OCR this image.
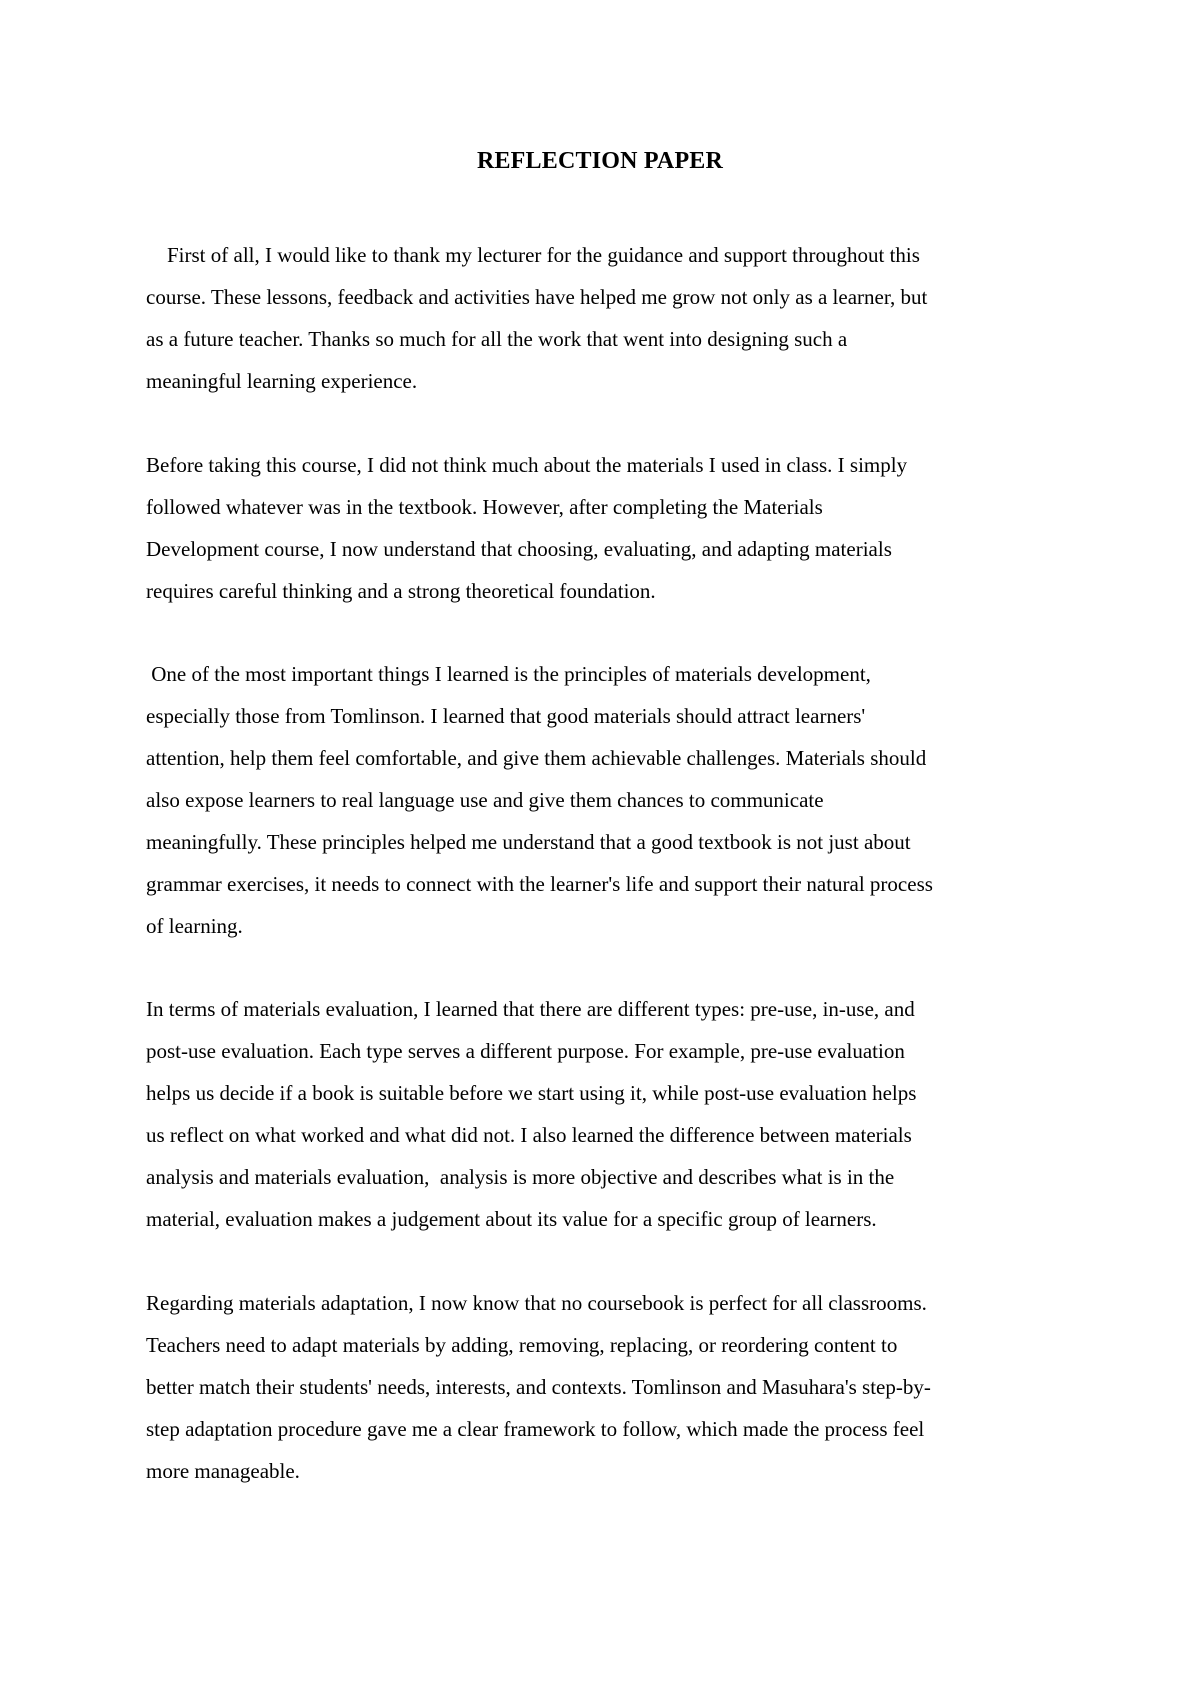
REFLECTION PAPER

First of all, I would like to thank my lecturer for the guidance and support throughout this
course. These lessons, feedback and activities have helped me grow not only as a learner, but
as a future teacher. Thanks so much for all the work that went into designing such a
meaningful learning experience.

Before taking this course, I did not think much about the materials I used in class. I simply
followed whatever was in the textbook. However, after completing the Materials
Development course, I now understand that choosing, evaluating, and adapting materials
requires careful thinking and a strong theoretical foundation.

One of the most important things I learned is the principles of materials development,
especially those from Tomlinson. I learned that good materials should attract learners'
attention, help them feel comfortable, and give them achievable challenges. Materials should
also expose learners to real language use and give them chances to communicate
meaningfully. These principles helped me understand that a good textbook is not just about
grammar exercises, it needs to connect with the learner's life and support their natural process
of learning.

In terms of materials evaluation, I learned that there are different types: pre-use, in-use, and
post-use evaluation. Each type serves a different purpose. For example, pre-use evaluation
helps us decide if a book is suitable before we start using it, while post-use evaluation helps
us reflect on what worked and what did not. I also learned the difference between materials
analysis and materials evaluation,  analysis is more objective and describes what is in the
material, evaluation makes a judgement about its value for a specific group of learners.

Regarding materials adaptation, I now know that no coursebook is perfect for all classrooms.
Teachers need to adapt materials by adding, removing, replacing, or reordering content to
better match their students' needs, interests, and contexts. Tomlinson and Masuhara's step-by-
step adaptation procedure gave me a clear framework to follow, which made the process feel
more manageable.
